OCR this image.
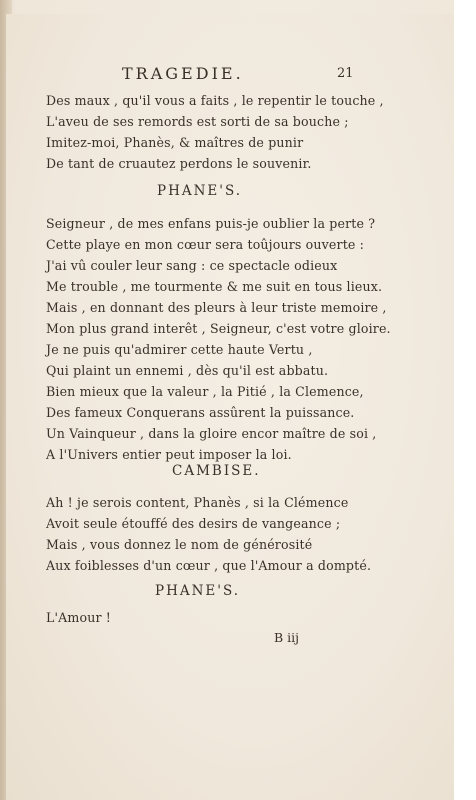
TRAGEDIE.	21
Des maux , qu'il vous a faits , le repentir le touche ,
L'aveu de ses remords est sorti de sa bouche ;
Imitez-moi, Phanès, & maîtres de punir
De tant de cruautez perdons le souvenir.
PHANE'S.
Seigneur , de mes enfans puis-je oublier la perte ?
Cette playe en mon cœur sera toûjours ouverte :
J'ai vû couler leur sang : ce spectacle odieux
Me trouble , me tourmente & me suit en tous lieux.
Mais , en donnant des pleurs à leur triste memoire ,
Mon plus grand interêt , Seigneur, c'est votre gloire.
Je ne puis qu'admirer cette haute Vertu ,
Qui plaint un ennemi , dès qu'il est abbatu.
Bien mieux que la valeur , la Pitié , la Clemence,
Des fameux Conquerans assûrent la puissance.
Un Vainqueur , dans la gloire encor maître de soi ,
A l'Univers entier peut imposer la loi.
CAMBISE.
Ah ! je serois content, Phanès , si la Clémence
Avoit seule étouffé des desirs de vangeance ;
Mais , vous donnez le nom de générosité
Aux foiblesses d'un cœur , que l'Amour a dompté.
PHANE'S.
L'Amour !
B iij
